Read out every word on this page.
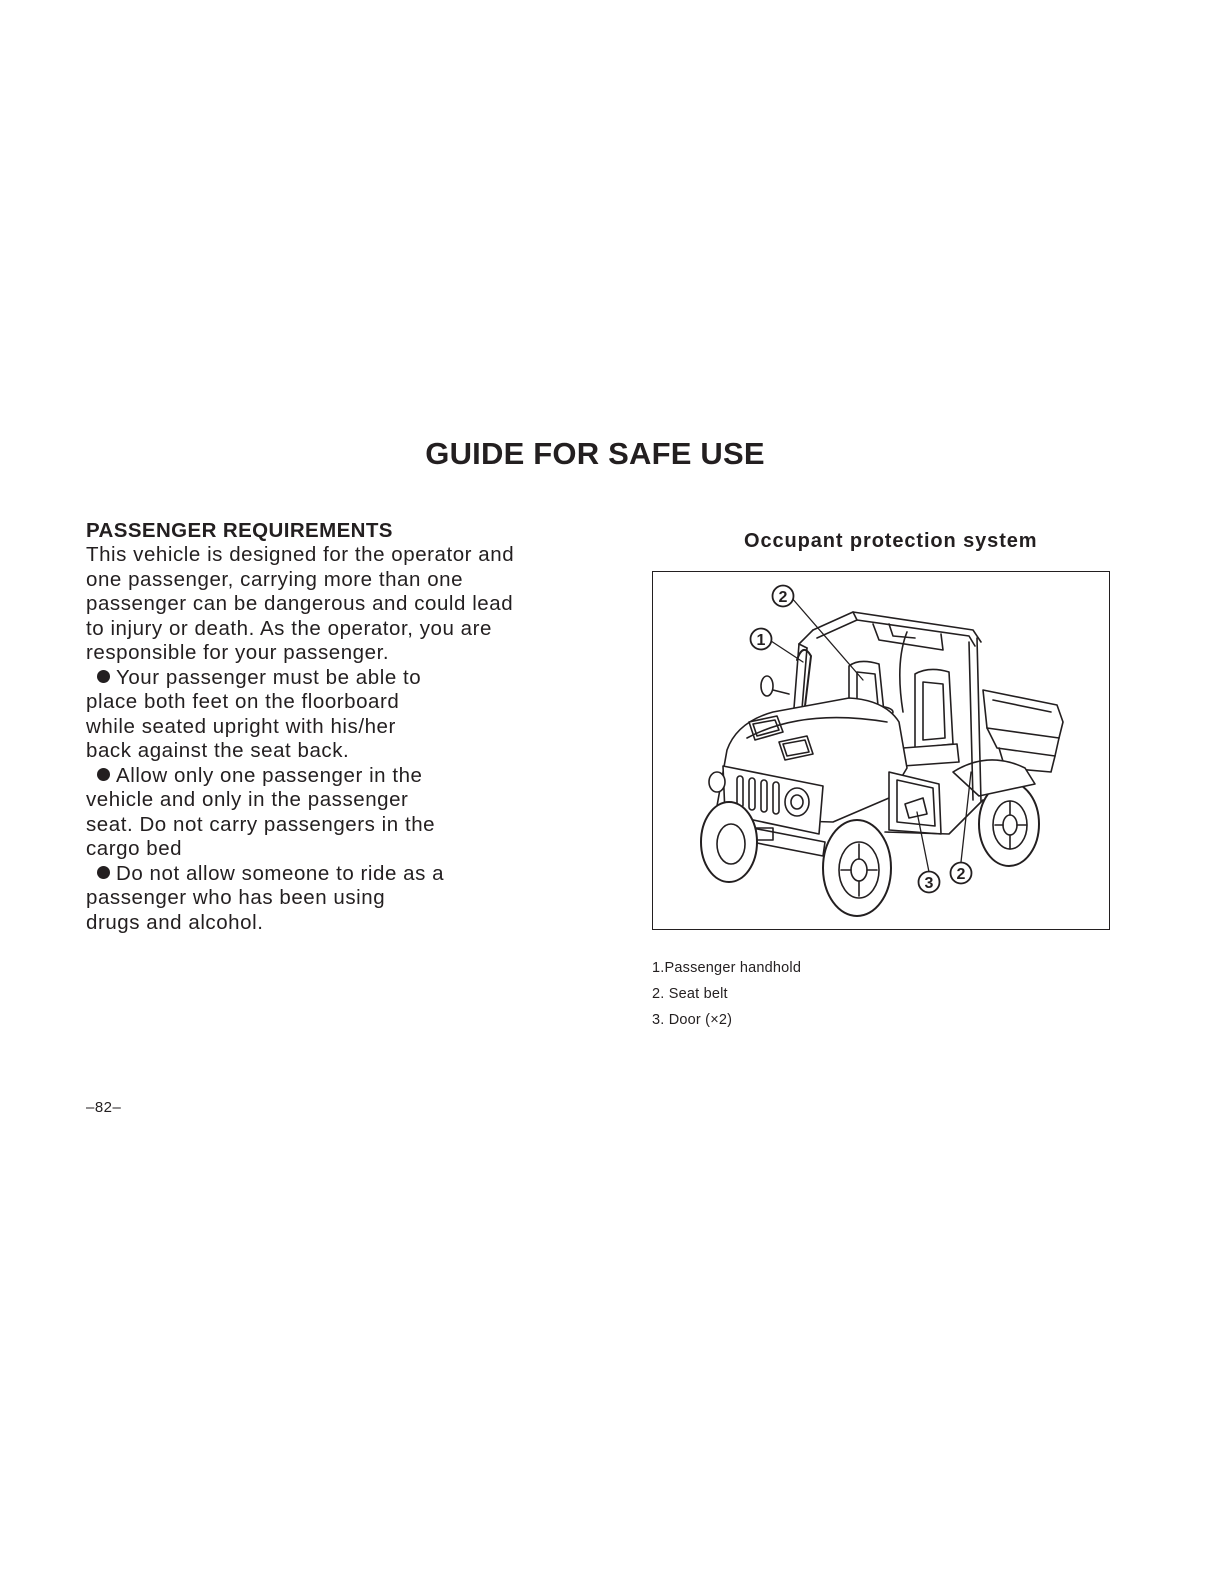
GUIDE FOR SAFE USE
PASSENGER REQUIREMENTS
This vehicle is designed for the operator and
one passenger, carrying more than one
passenger can be dangerous and could lead
to injury or death. As the operator, you are
responsible for your passenger.
Your passenger must be able to
place both feet on the floorboard
while seated upright with his/her
back against the seat back.
Allow only one passenger in the
vehicle and only in the passenger
seat. Do not carry passengers in the
cargo bed
Do not allow someone to ride as a
passenger who has been using
drugs and alcohol.
Occupant protection system
2
1
3
2
1.Passenger handhold
2. Seat belt
3. Door (×2)
–82–
